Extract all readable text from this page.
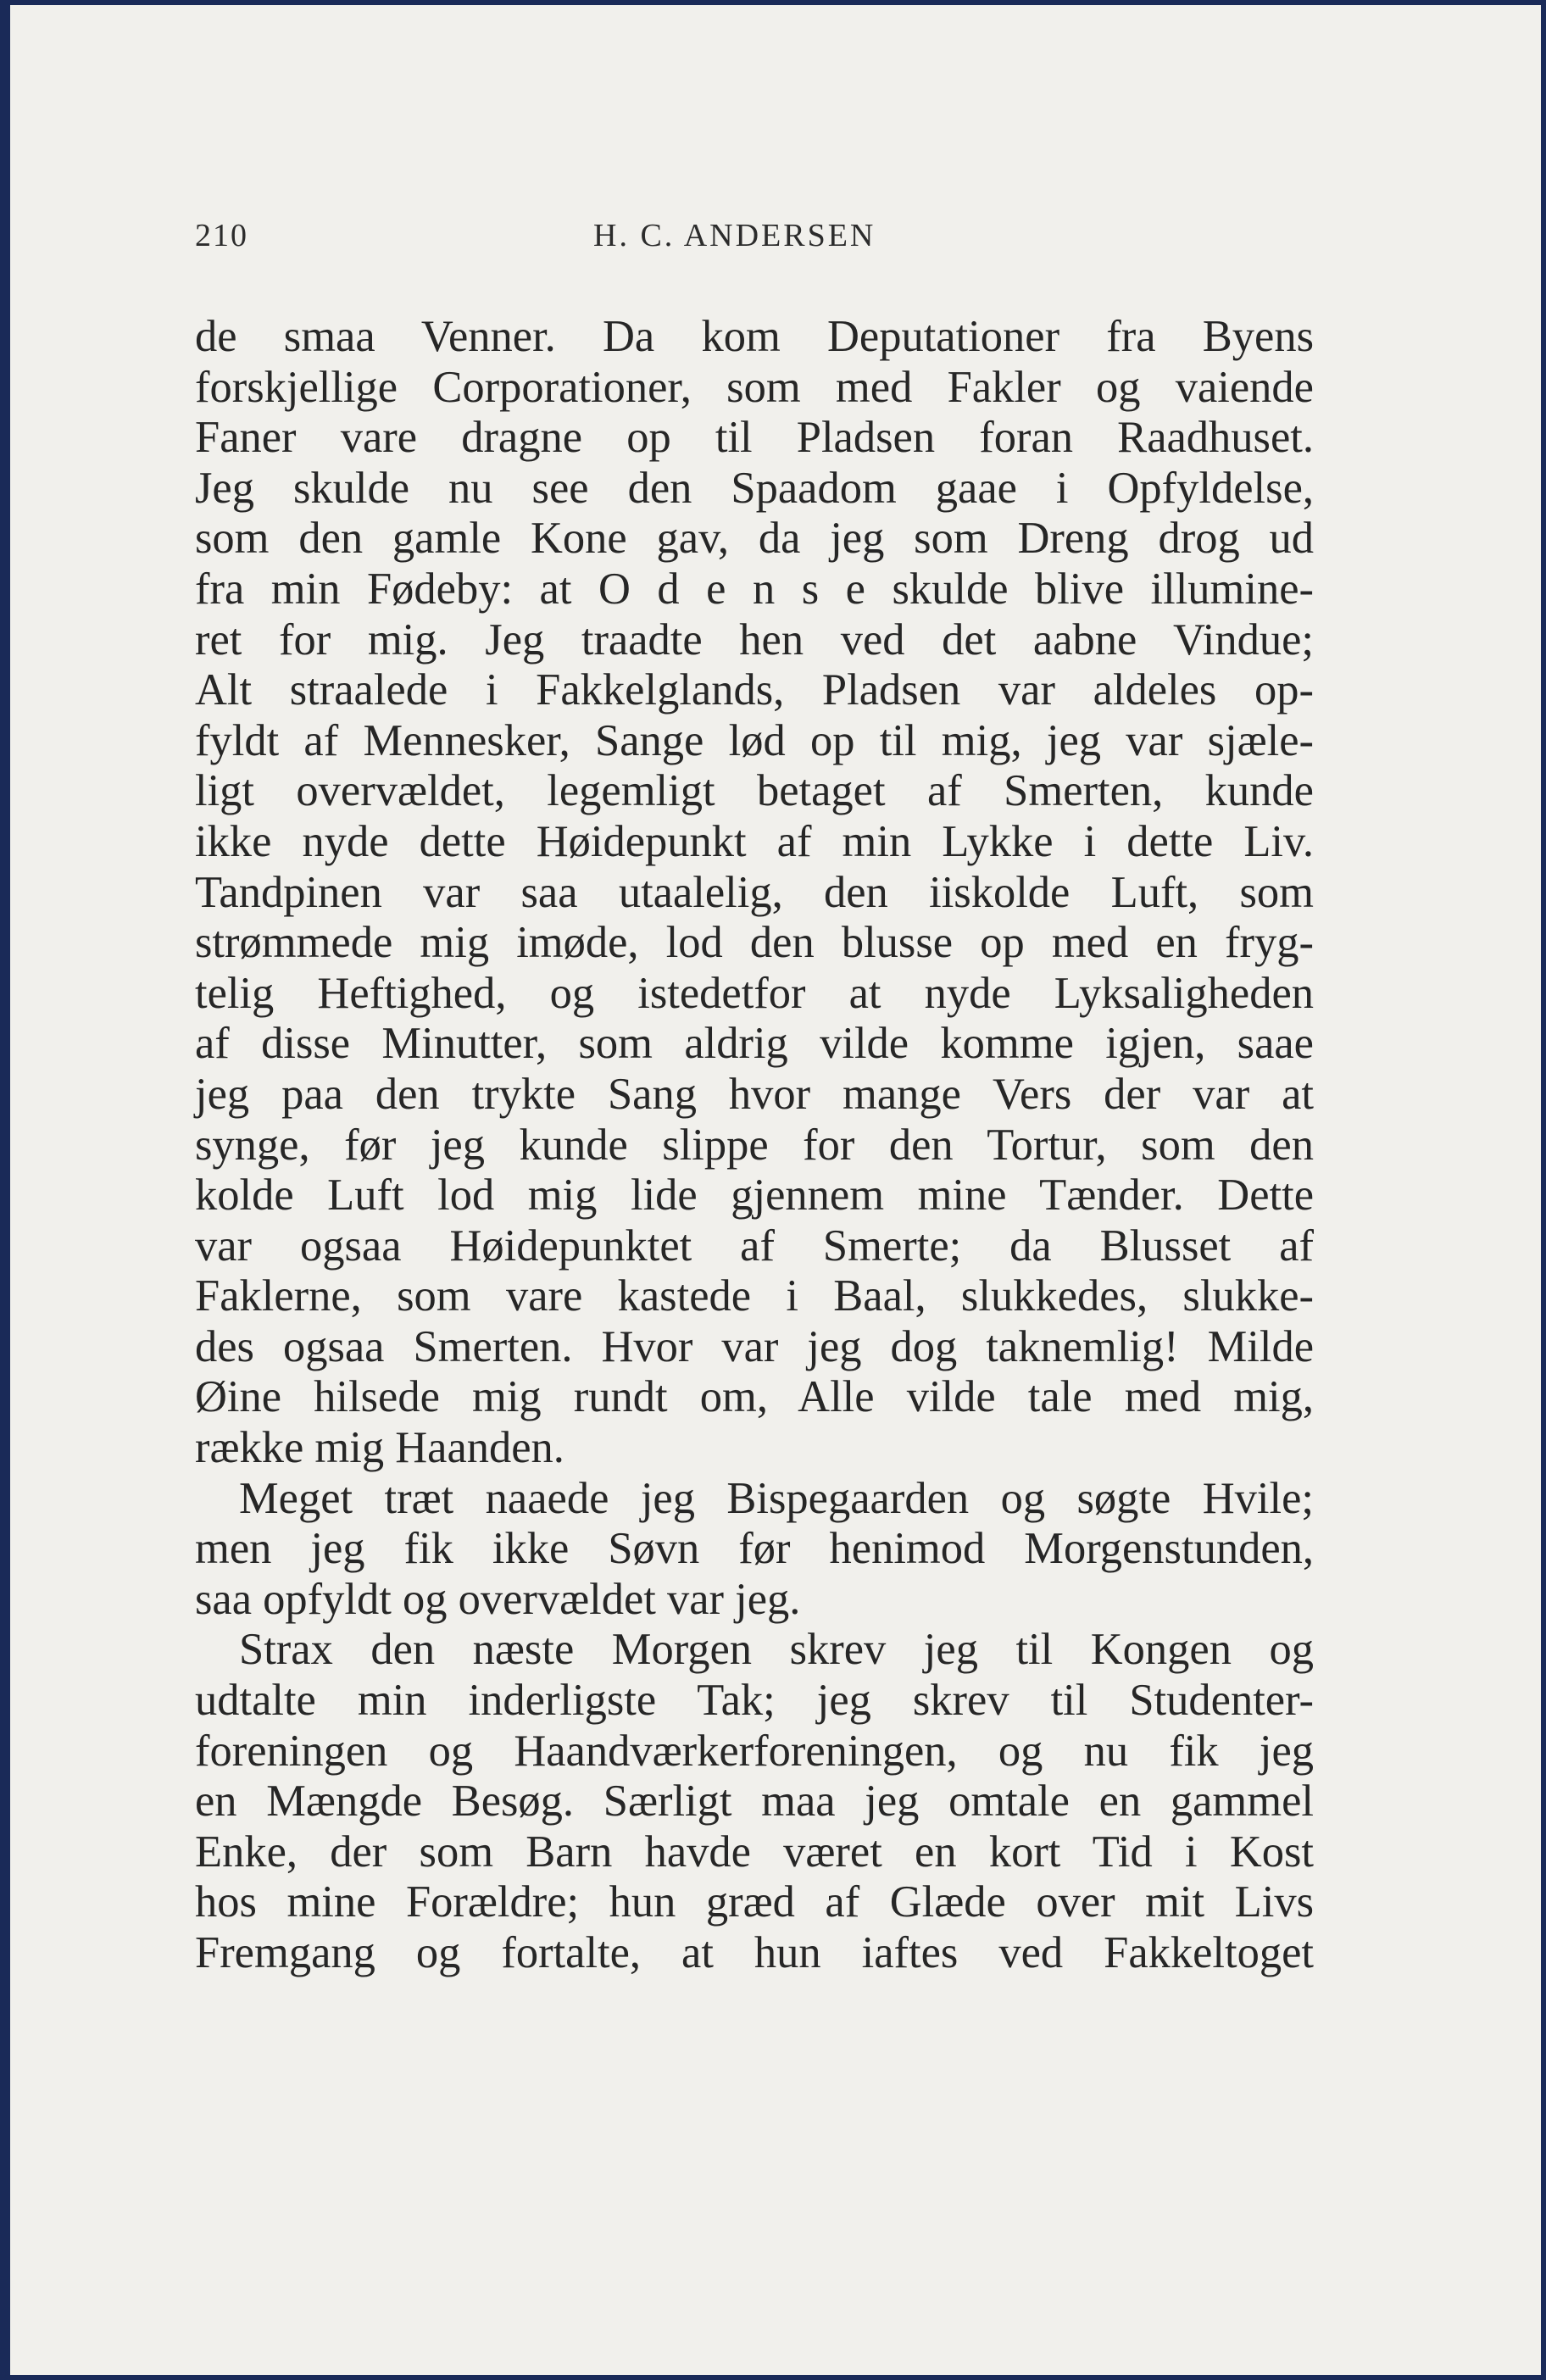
210	H. C. ANDERSEN
de smaa Venner. Da kom Deputationer fra Byens
forskjellige Corporationer, som med Fakler og vaiende
Faner vare dragne op til Pladsen foran Raadhuset.
Jeg skulde nu see den Spaadom gaae i Opfyldelse,
som den gamle Kone gav, da jeg som Dreng drog ud
fra min Fødeby: at O d e n s e skulde blive illumine-
ret for mig. Jeg traadte hen ved det aabne Vindue;
Alt straalede i Fakkelglands, Pladsen var aldeles op-
fyldt af Mennesker, Sange lød op til mig, jeg var sjæle-
ligt overvældet, legemligt betaget af Smerten, kunde
ikke nyde dette Høidepunkt af min Lykke i dette Liv.
Tandpinen var saa utaalelig, den iiskolde Luft, som
strømmede mig imøde, lod den blusse op med en fryg-
telig Heftighed, og istedetfor at nyde Lyksaligheden
af disse Minutter, som aldrig vilde komme igjen, saae
jeg paa den trykte Sang hvor mange Vers der var at
synge, før jeg kunde slippe for den Tortur, som den
kolde Luft lod mig lide gjennem mine Tænder. Dette
var ogsaa Høidepunktet af Smerte; da Blusset af
Faklerne, som vare kastede i Baal, slukkedes, slukke-
des ogsaa Smerten. Hvor var jeg dog taknemlig! Milde
Øine hilsede mig rundt om, Alle vilde tale med mig,
række mig Haanden.
Meget træt naaede jeg Bispegaarden og søgte Hvile;
men jeg fik ikke Søvn før henimod Morgenstunden,
saa opfyldt og overvældet var jeg.
Strax den næste Morgen skrev jeg til Kongen og
udtalte min inderligste Tak; jeg skrev til Studenter-
foreningen og Haandværkerforeningen, og nu fik jeg
en Mængde Besøg. Særligt maa jeg omtale en gammel
Enke, der som Barn havde været en kort Tid i Kost
hos mine Forældre; hun græd af Glæde over mit Livs
Fremgang og fortalte, at hun iaftes ved Fakkeltoget
